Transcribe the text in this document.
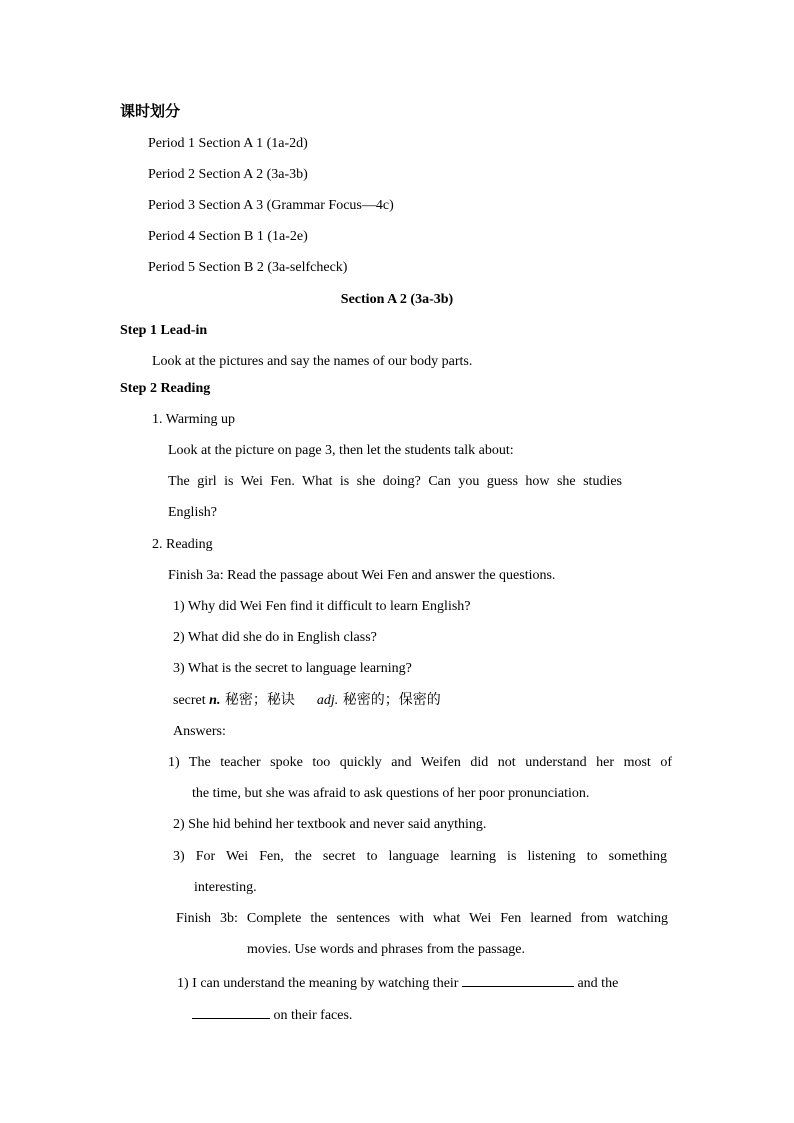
课时划分
Period 1 Section A 1 (1a-2d)
Period 2 Section A 2 (3a-3b)
Period 3 Section A 3 (Grammar Focus—4c)
Period 4 Section B 1 (1a-2e)
Period 5 Section B 2 (3a-selfcheck)
Section A 2 (3a-3b)
Step 1 Lead-in
Look at the pictures and say the names of our body parts.
Step 2 Reading
1. Warming up
Look at the picture on page 3, then let the students talk about:
The girl is Wei Fen. What is she doing? Can you guess how she studies
English?
2. Reading
Finish 3a: Read the passage about Wei Fen and answer the questions.
1) Why did Wei Fen find it difficult to learn English?
2) What did she do in English class?
3) What is the secret to language learning?
secret n. 秘密；秘诀 adj. 秘密的；保密的
Answers:
1) The teacher spoke too quickly and Weifen did not understand her most of
the time, but she was afraid to ask questions of her poor pronunciation.
2) She hid behind her textbook and never said anything.
3) For Wei Fen, the secret to language learning is listening to something
interesting.
Finish 3b: Complete the sentences with what Wei Fen learned from watching
movies. Use words and phrases from the passage.
1) I can understand the meaning by watching their	and the
on their faces.
